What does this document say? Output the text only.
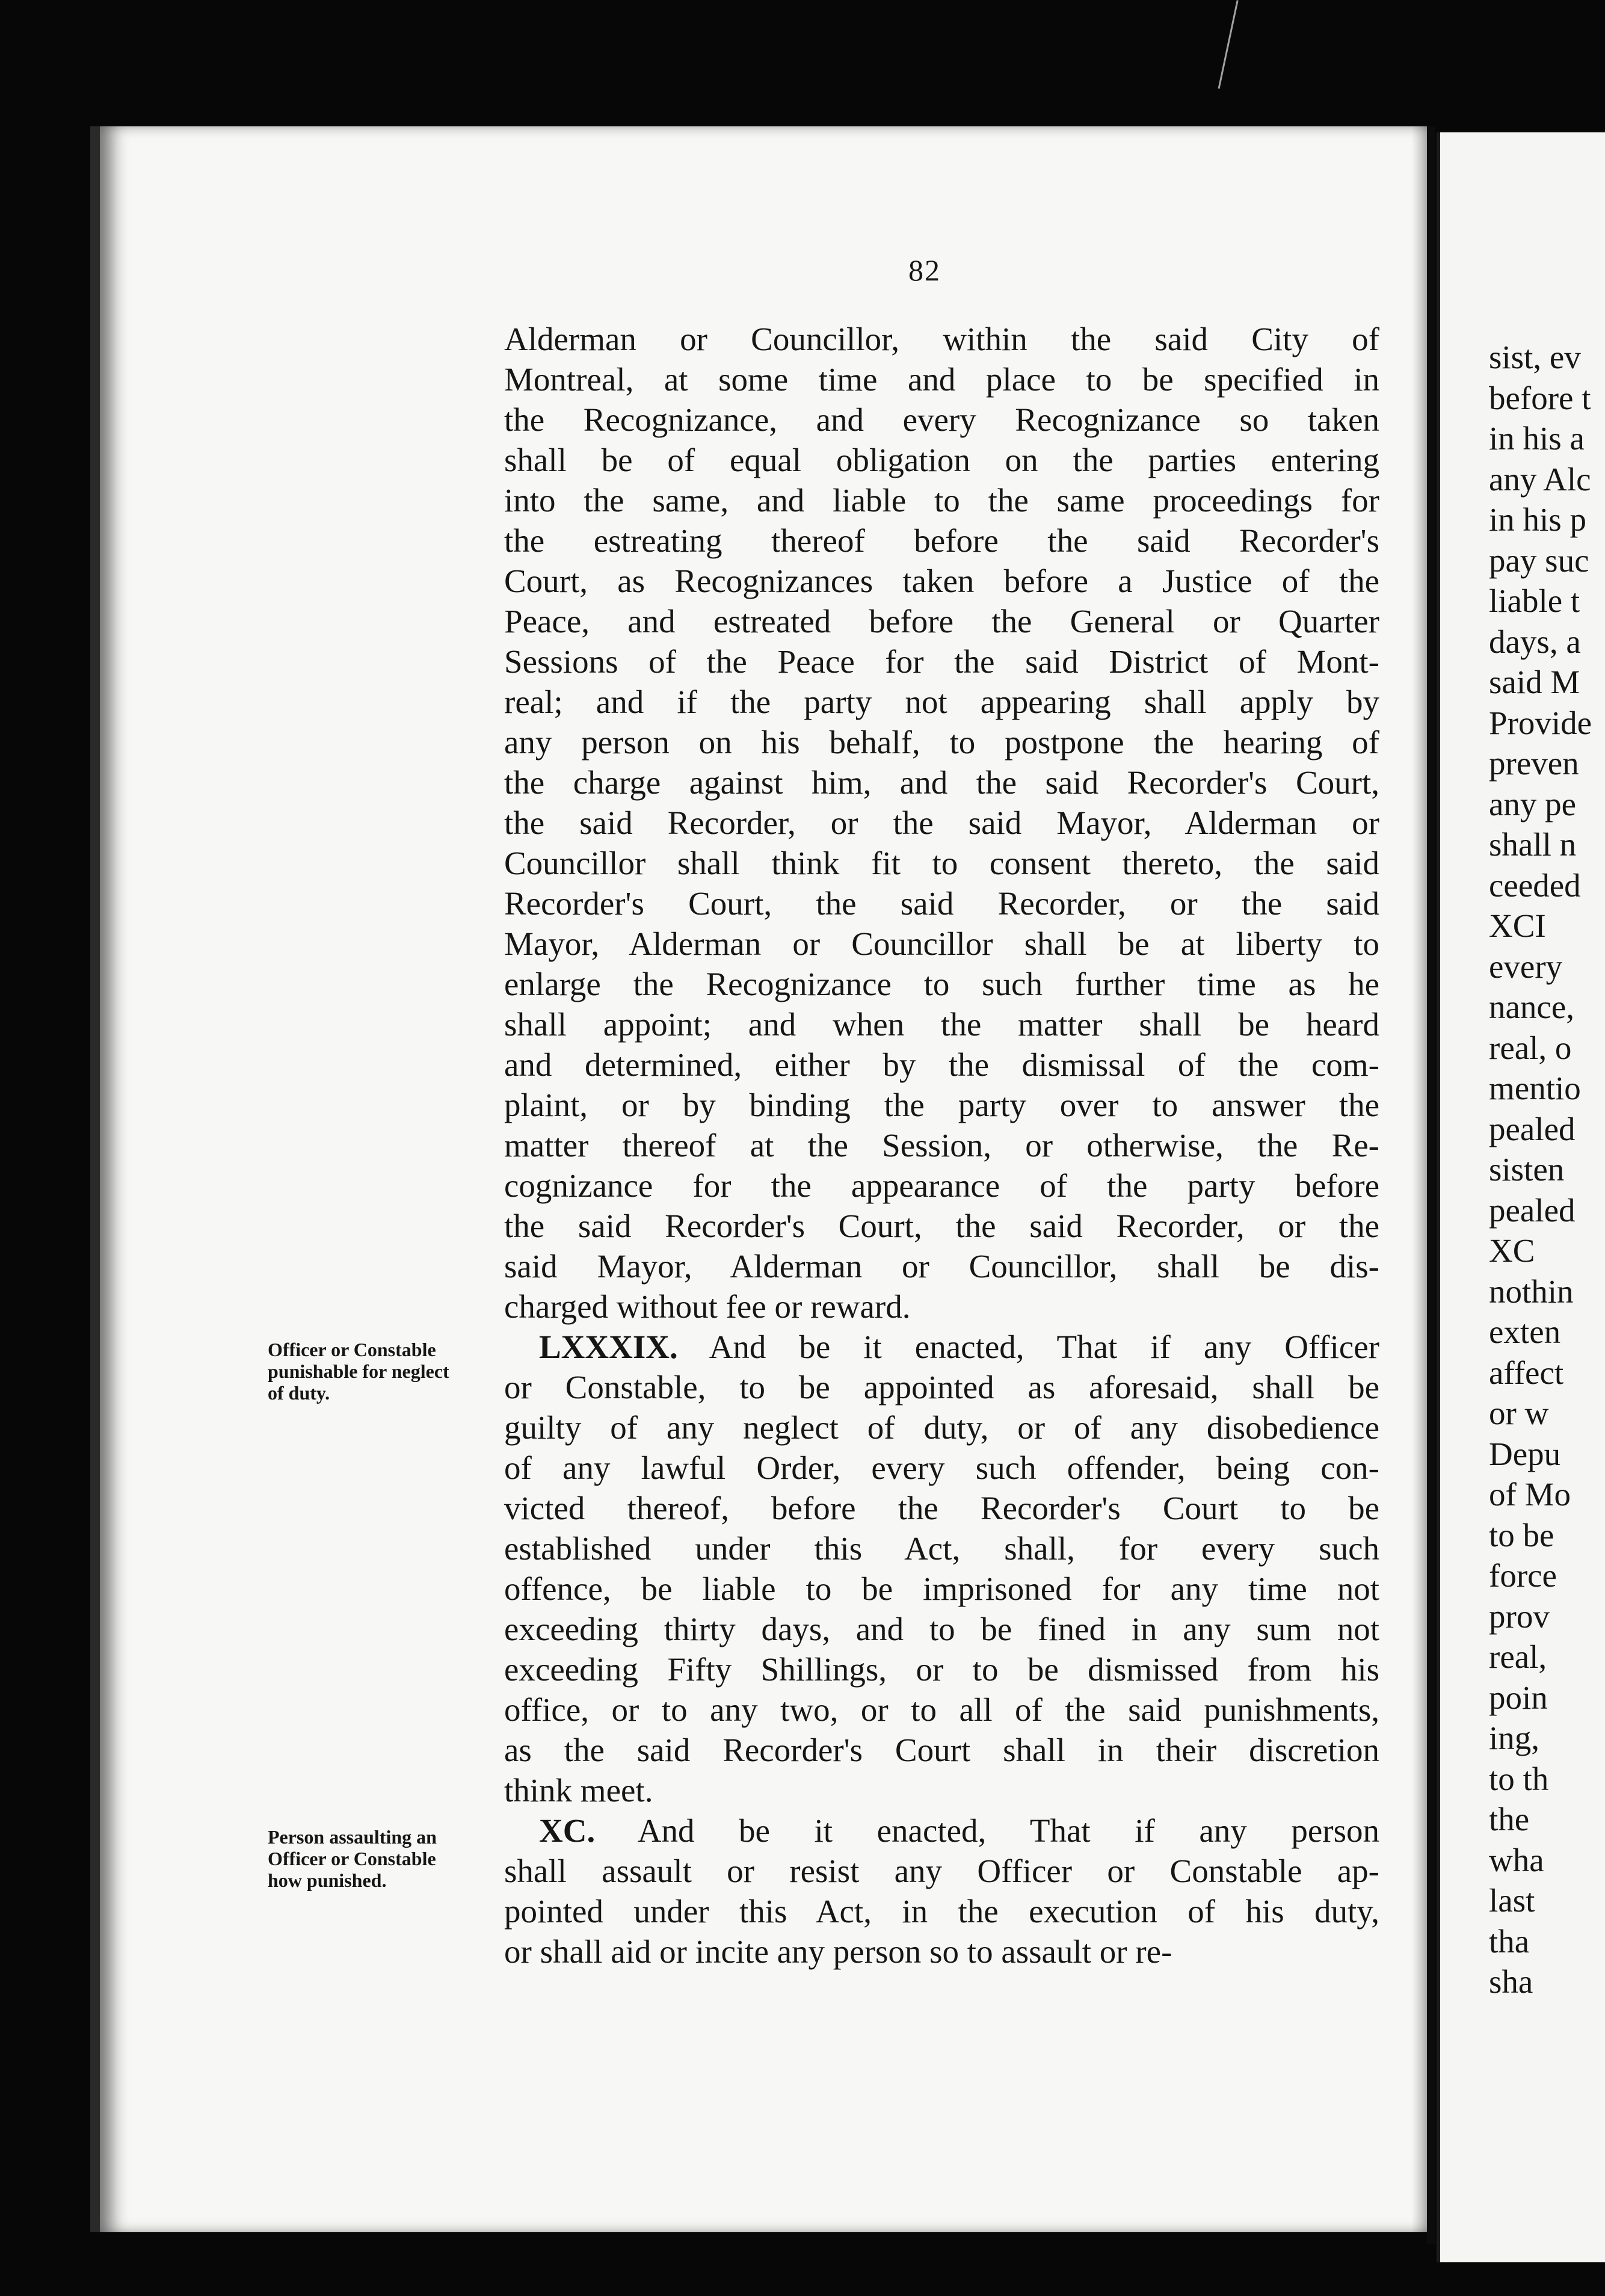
82
Alderman or Councillor, within the said City of
Montreal, at some time and place to be specified in
the Recognizance, and every Recognizance so taken
shall be of equal obligation on the parties entering
into the same, and liable to the same proceedings for
the estreating thereof before the said Recorder's
Court, as Recognizances taken before a Justice of the
Peace, and estreated before the General or Quarter
Sessions of the Peace for the said District of Mont-
real; and if the party not appearing shall apply by
any person on his behalf, to postpone the hearing of
the charge against him, and the said Recorder's Court,
the said Recorder, or the said Mayor, Alderman or
Councillor shall think fit to consent thereto, the said
Recorder's Court, the said Recorder, or the said
Mayor, Alderman or Councillor shall be at liberty to
enlarge the Recognizance to such further time as he
shall appoint; and when the matter shall be heard
and determined, either by the dismissal of the com-
plaint, or by binding the party over to answer the
matter thereof at the Session, or otherwise, the Re-
cognizance for the appearance of the party before
the said Recorder's Court, the said Recorder, or the
said Mayor, Alderman or Councillor, shall be dis-
charged without fee or reward.
LXXXIX. And be it enacted, That if any Officer
or Constable, to be appointed as aforesaid, shall be
guilty of any neglect of duty, or of any disobedience
of any lawful Order, every such offender, being con-
victed thereof, before the Recorder's Court to be
established under this Act, shall, for every such
offence, be liable to be imprisoned for any time not
exceeding thirty days, and to be fined in any sum not
exceeding Fifty Shillings, or to be dismissed from his
office, or to any two, or to all of the said punishments,
as the said Recorder's Court shall in their discretion
think meet.
XC. And be it enacted, That if any person
shall assault or resist any Officer or Constable ap-
pointed under this Act, in the execution of his duty,
or shall aid or incite any person so to assault or re-
Officer or Constable
punishable for neglect
of duty.
Person assaulting an
Officer or Constable
how punished.
sist, ev
before t
in his a
any Alc
in his p
pay suc
liable t
days, a
said M
Provide
preven
any pe
shall n
ceeded
XCI
every
nance,
real, o
mentio
pealed
sisten
pealed
XC
nothin
exten
affect
or w
Depu
of Mo
to be
force
prov
real,
poin
ing,
to th
the
wha
last
tha
sha
